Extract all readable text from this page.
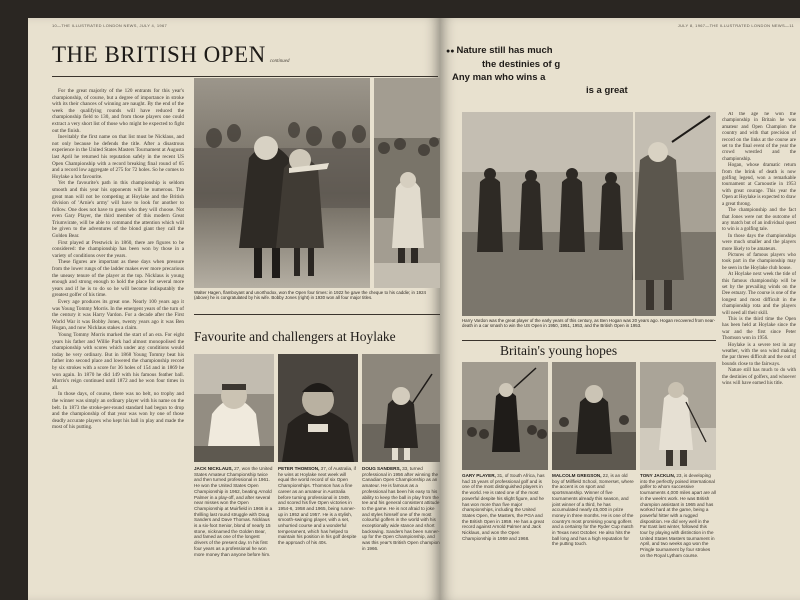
10—THE ILLUSTRATED LONDON NEWS, JULY 4, 1967
THE BRITISH OPEN continued

For the great majority of the 120 entrants for this year's championship, of course, but a degree of importance in stroke with its their chances of winning are naught. By the end of the week the qualifying rounds will have reduced the championship field to 130, and from those players one could extract a very short list of those who might be expected to fight out the finish.

Inevitably the first name on that list must be Nicklaus, and not only because he defends the title. After a disastrous experience in the United States Masters Tournament at Augusta last April he returned his reputation safely in the recent US Open Championship with a record breaking final round of 65 and a record low aggregate of 275 for 72 holes. So he comes to Hoylake a hot favourite.

Yet the favourite's path in this championship is seldom smooth and this year his opponents will be numerous. The great man will not be competing at Hoylake and the British division of 'Arnie's army' will have to look for another to follow. One does not have to guess who they will choose. Not even Gary Player, the third member of this modern Great Triumvirate, will be able to command the attention which will be given to the adventures of the blond giant they call the Golden Bear.

First played at Prestwick in 1860, there are figures to be considered: the championship has been won by those in a variety of conditions over the years.

These figures are important as these days when pressure from the lower rungs of the ladder makes ever more precarious the uneasy tenure of the player at the top. Nicklaus is young enough and strong enough to hold the place for several more years and if he is to do so he will become indisputably the greatest golfer of his time.

Every age produces its great one. Nearly 100 years ago it was Young Tommy Morris. In the emergent years of the turn of the century it was Harry Vardon. For a decade after the First World War it was Bobby Jones, twenty years ago it was Ben Hogan, and now Nicklaus stakes a claim.

Young Tommy Morris marked the start of an era. For eight years his father and Willie Park had almost monopolised the championship with scores which under any conditions would today be very ordinary. But in 1868 Young Tommy beat his father into second place and lowered the championship record by six strokes with a score for 36 holes of 154 and in 1869 he won again. In 1870 he did 149 with his famous feather ball. Morris's reign continued until 1872 and he won four times in all.

In those days, of course, there was no belt, no trophy and the winner was simply an ordinary player with his name on the belt. In 1873 the stroke-per-round standard had begun to drop and the championship of that year was won by one of those deadly accurate players who kept his ball in play and made the most of his putting.

Walter Hagen, flamboyant and unorthodox, won the Open four times: in 1922 he gave the cheque to his caddie; in 1924 (above) he is congratulated by his wife. Bobby Jones (right) in 1930 won all four major titles.
Favourite and challengers at Hoylake
JACK NICKLAUS, 27, won the United States Amateur Championship twice and then turned professional in 1961. He won the United States Open Championship in 1962, beating Arnold Palmer in a play-off, and after several near misses won the Open Championship at Muirfield in 1966 in a thrilling last round struggle with Doug Sanders and Dave Thomas. Nicklaus is a six-foot Senior, blond of nearly 15 stone, nicknamed the Golden Bear, and famed as one of the longest drivers of the present day. In his first four years as a professional he won more money than anyone before him.
PETER THOMSON, 37, of Australia, if he wins at Hoylake next week will equal the world record of six Open Championships. Thomson has a fine career as an amateur in Australia before turning professional in 1949, and scored his five Open victories in 1954-6, 1958 and 1965, being runner-up in 1952 and 1957. He is a stylish, smooth-swinging player, with a set, unhurried course and a wonderful temperament, which has helped to maintain his position in his golf despite the approach of his 40s.
DOUG SANDERS, 33, turned professional in 1956 after winning the Canadian Open Championship as an amateur. He is famous as a professional has been his easy to his ability to keep the ball in play from the tee and his general consistent attitude to the game. He is not afraid to joke and styles himself one of the most colourful golfers in the world with his exceptionally wide stance and short backswing. Sanders has been runner-up for the Open Championship, and was this year's British Open champion in 1966.
JULY 8, 1967—THE ILLUSTRATED LONDON NEWS—11
●● Nature still has much
the destinies of g
Any man who wins a
is a great
Harry Vardon was the great player of the early years of this century, as Ben Hogan was 20 years ago. Hogan recovered from near-death in a car smash to win the US Open in 1950, 1951, 1953, and the British Open in 1953.
Britain's young hopes
GARY PLAYER, 31, of South Africa, has had 15 years of professional golf and is one of the most distinguished players in the world. He is rated one of the most powerful despite his slight figure, and he has won more than five major championships, including the United States Open, the Masters, the PGA and the British Open in 1959. He has a great record against Arnold Palmer and Jack Nicklaus, and won the Open Championship in 1959 and 1968.
MALCOLM GREGSON, 22, is an old boy of Millfield School, Somerset, where the accent is on sport and sportsmanship. Winner of five tournaments already this season, and joint winner of a third, he has accumulated nearly £5,000 in prize money in three months. He is one of the country's most promising young golfers and a certainty for the Ryder Cup match in Texas next October. He also hits the ball long and has a high reputation for the putting touch.
TONY JACKLIN, 23, is developing into the perfectly poised international golfer to whom successive tournaments 4,000 miles apart are all in the week's work. He was British champion assistant in 1965 and has worked hard at the game, being a powerful hitter with a rugged disposition. He did very well in the Far East last winter, followed this tour by playing with distinction in the United States Masters tournament in April, and two weeks ago won the Pringle tournament by four strokes on the Royal Lytham course.

At the age he won the championship in Britain he was amateur and Open Champion the country and with that precision of record on the links at the course are set to the final event of the year the crowd wrestled and the championship.

Hogan, whose dramatic return from the brink of death is now golfing legend, won a remarkable tournament at Carnoustie in 1953 with great courage. This year the Open at Hoylake is expected to draw a great throng.

The championship and the fact that Jones were not the outcome of any match but of an individual quest to win is a golfing tale.

In those days the championships were much smaller and the players more likely to be amateurs.

Pictures of famous players who took part in the championship may be seen in the Hoylake club house.

At Hoylake next week the tide of this famous championship will be set by the prevailing winds on the Dee estuary. The course is one of the longest and most difficult in the championship rota and the players will need all their skill.

This is the third time the Open has been held at Hoylake since the war and the first since Peter Thomson won in 1956.

Hoylake is a severe test in any weather, with the sea wind making the par threes difficult and the out of bounds close to the fairways.

Nature still has much to do with the destinies of golfers, and whoever wins will have earned his title.
